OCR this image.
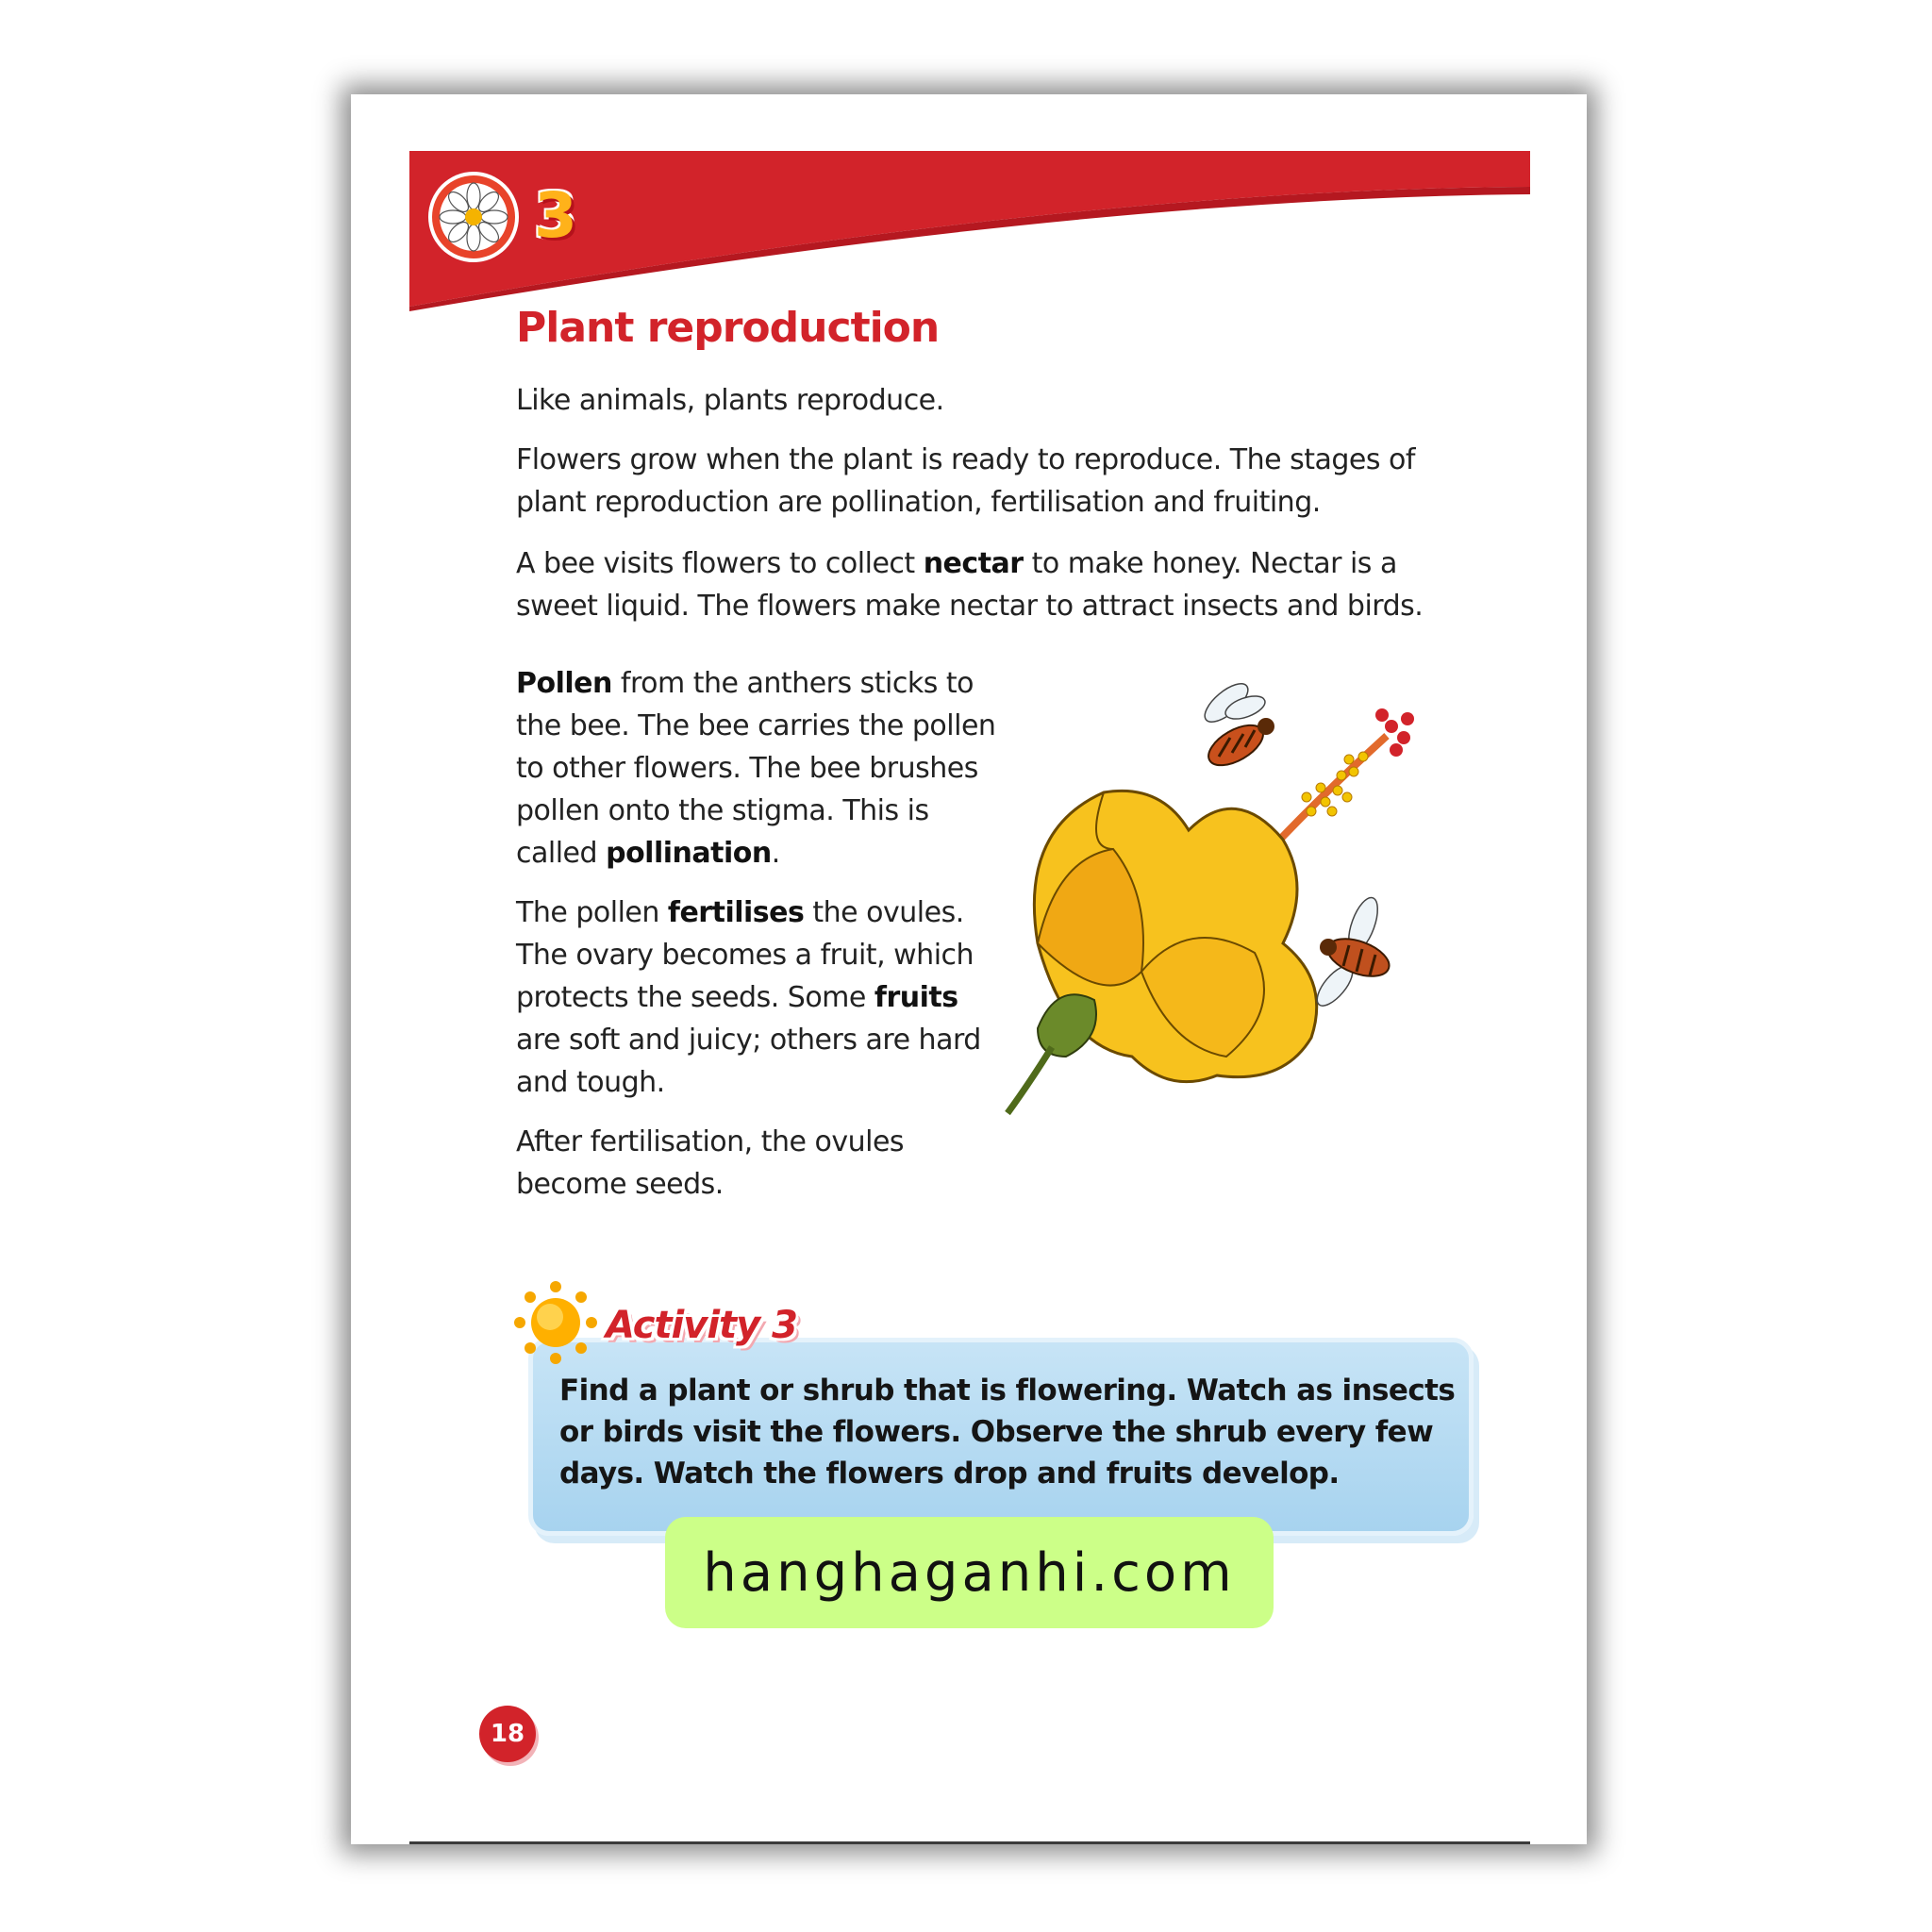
3
Plant reproduction

Like animals, plants reproduce.

Flowers grow when the plant is ready to reproduce. The stages of plant reproduction are pollination, fertilisation and fruiting.

A bee visits flowers to collect nectar to make honey. Nectar is a sweet liquid. The flowers make nectar to attract insects and birds.

Pollen from the anthers sticks to the bee. The bee carries the pollen to other flowers. The bee brushes pollen onto the stigma. This is called pollination.

The pollen fertilises the ovules. The ovary becomes a fruit, which protects the seeds. Some fruits are soft and juicy; others are hard and tough.

After fertilisation, the ovules become seeds.

Find a plant or shrub that is flowering. Watch as insects or birds visit the flowers. Observe the shrub every few days. Watch the flowers drop and fruits develop.
Activity 3
hanghaganhi.com
18
